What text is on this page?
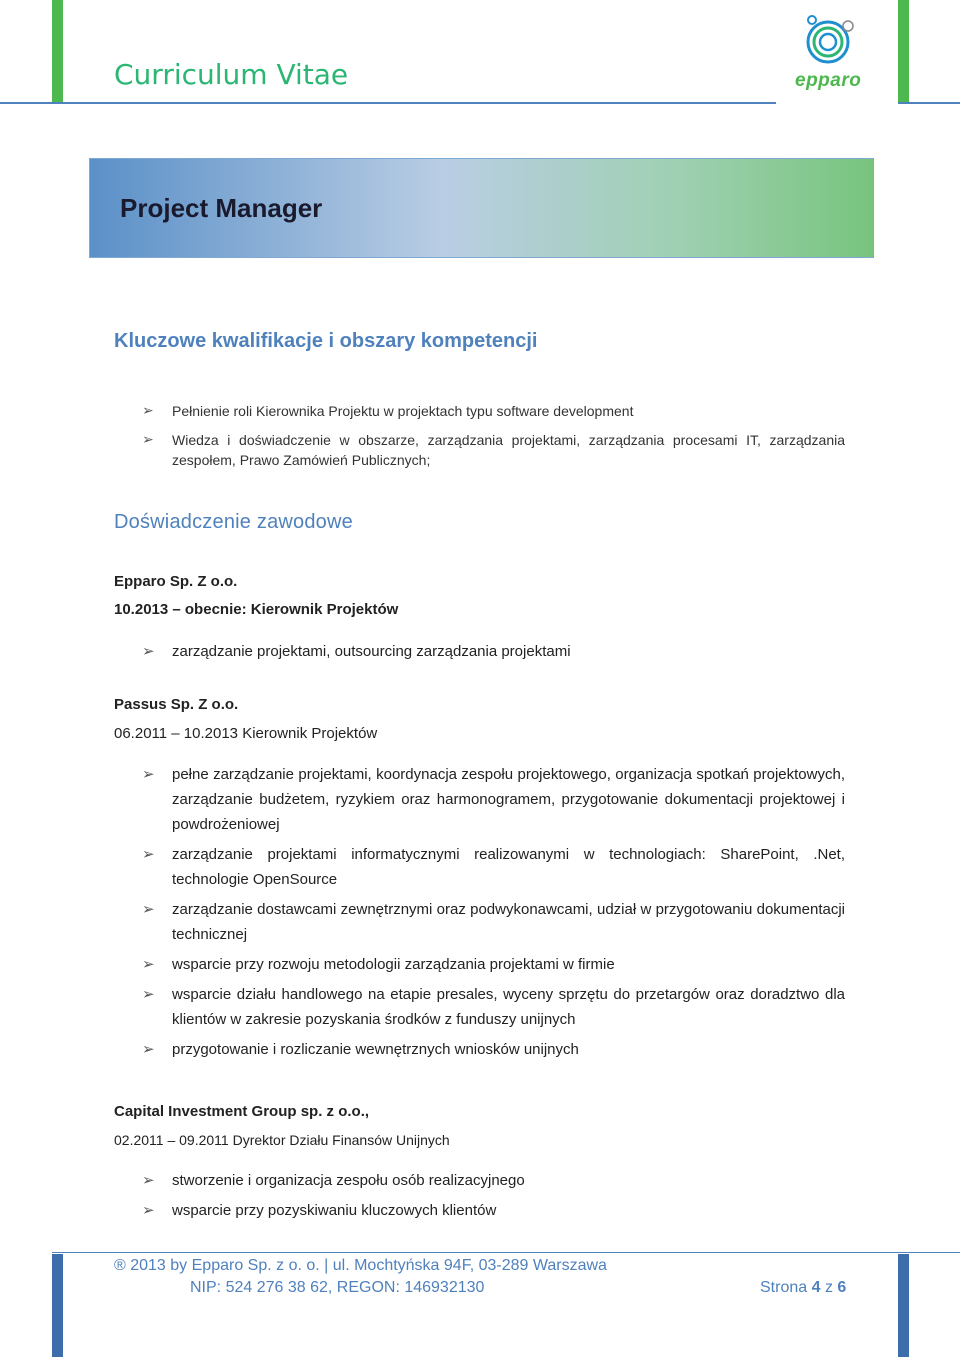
Curriculum Vitae	epparo
Project Manager
Kluczowe kwalifikacje i obszary kompetencji
➢ Pełnienie roli Kierownika Projektu w projektach typu software development
➢ Wiedza i doświadczenie w obszarze, zarządzania projektami, zarządzania procesami IT, zarządzania zespołem, Prawo Zamówień Publicznych;
Doświadczenie zawodowe
Epparo Sp. Z o.o.
10.2013 – obecnie: Kierownik Projektów
➢ zarządzanie projektami, outsourcing zarządzania projektami
Passus Sp. Z o.o.
06.2011 – 10.2013 Kierownik Projektów
➢ pełne zarządzanie projektami, koordynacja zespołu projektowego, organizacja spotkań projektowych, zarządzanie budżetem, ryzykiem oraz harmonogramem, przygotowanie dokumentacji projektowej i powdrożeniowej
➢ zarządzanie projektami informatycznymi realizowanymi w technologiach: SharePoint, .Net, technologie OpenSource
➢ zarządzanie dostawcami zewnętrznymi oraz podwykonawcami, udział w przygotowaniu dokumentacji technicznej
➢ wsparcie przy rozwoju metodologii zarządzania projektami w firmie
➢ wsparcie działu handlowego na etapie presales, wyceny sprzętu do przetargów oraz doradztwo dla klientów w zakresie pozyskania środków z funduszy unijnych
➢ przygotowanie i rozliczanie wewnętrznych wniosków unijnych
Capital Investment Group sp. z o.o.,
02.2011 – 09.2011 Dyrektor Działu Finansów Unijnych
➢ stworzenie i organizacja zespołu osób realizacyjnego
➢ wsparcie przy pozyskiwaniu kluczowych klientów
® 2013 by Epparo Sp. z o. o. | ul. Mochtyńska 94F, 03-289 Warszawa
NIP: 524 276 38 62, REGON: 146932130	Strona 4 z 6
